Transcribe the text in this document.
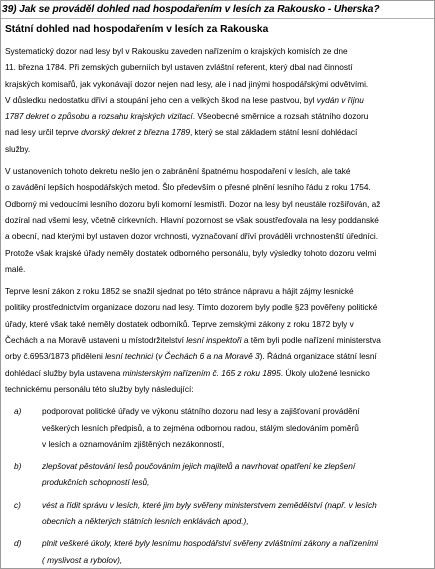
39) Jak se prováděl dohled nad hospodařením v lesích za Rakousko - Uherska?
Státní dohled nad hospodařením v lesích za Rakouska
Systematický dozor nad lesy byl v Rakousku zaveden nařízením o krajských komisích ze dne
11. března 1784. Při zemských guberniích byl ustaven zvláštní referent, který dbal nad činností
krajských komisařů, jak vykonávají dozor nejen nad lesy, ale i nad jinými hospodářskými odvětvími.
V důsledku nedostatku dříví a stoupání jeho cen a velkých škod na lese pastvou, byl vydán v říjnu
1787 dekret o způsobu a rozsahu krajských vizitací. Všeobecné směrnice a rozsah státního dozoru
nad lesy určil teprve dvorský dekret z března 1789, který se stal základem státní lesní dohlédací
služby.
V ustanoveních tohoto dekretu nešlo jen o zabránění špatnému hospodaření v lesích, ale také
o zavádění lepších hospodářských metod. Šlo především o přesné plnění lesního řádu z roku 1754.
Odborný mi vedoucími lesního dozoru byli komorní lesmistři. Dozor na lesy byl neustále rozšiřován, až
dozíral nad všemi lesy, včetně církevních. Hlavní pozornost se však soustřeďovala na lesy poddanské
a obecní, nad kterými byl ustaven dozor vrchnosti, vyznačovaní dříví prováděli vrchnostenští úředníci.
Protože však krajské úřady neměly dostatek odborného personálu, byly výsledky tohoto dozoru velmi
malé.
Teprve lesní zákon z roku 1852 se snažil sjednat po této stránce nápravu a hájit zájmy lesnické
politiky prostřednictvím organizace dozoru nad lesy. Tímto dozorem byly podle §23 pověřeny politické
úřady, které však také neměly dostatek odborníků. Teprve zemskými zákony z roku 1872 byly v
Čechách a na Moravě ustaveni u místodržitelství lesní inspektoři a těm byli podle nařízení ministerstva
orby č.6953/1873 přiděleni lesní technici (v Čechách 6 a na Moravě 3). Řádná organizace státní lesní
dohlédací služby byla ustavena ministerským nařízením č. 165 z roku 1895. Úkoly uložené lesnicko
technickému personálu této služby byly následující:
a) podporovat politické úřady ve výkonu státního dozoru nad lesy a zajišťovaní provádění
veškerých lesních předpisů, a to zejména odbornou radou, stálým sledováním poměrů
v lesích a oznamováním zjištěných nezákonností,
b) zlepšovat pěstování lesů poučováním jejich majitelů a navrhovat opatření ke zlepšení
produkčních schopností lesů,
c)	vést a řídit správu v lesích, které jim byly svěřeny ministerstvem zemědělství (např. v lesích
obecních a některých státních lesních enklávách apod.),
d) plnit veškeré úkoly, které byly lesnímu hospodářství svěřeny zvláštními zákony a nařízeními
( myslivost a rybolov),
